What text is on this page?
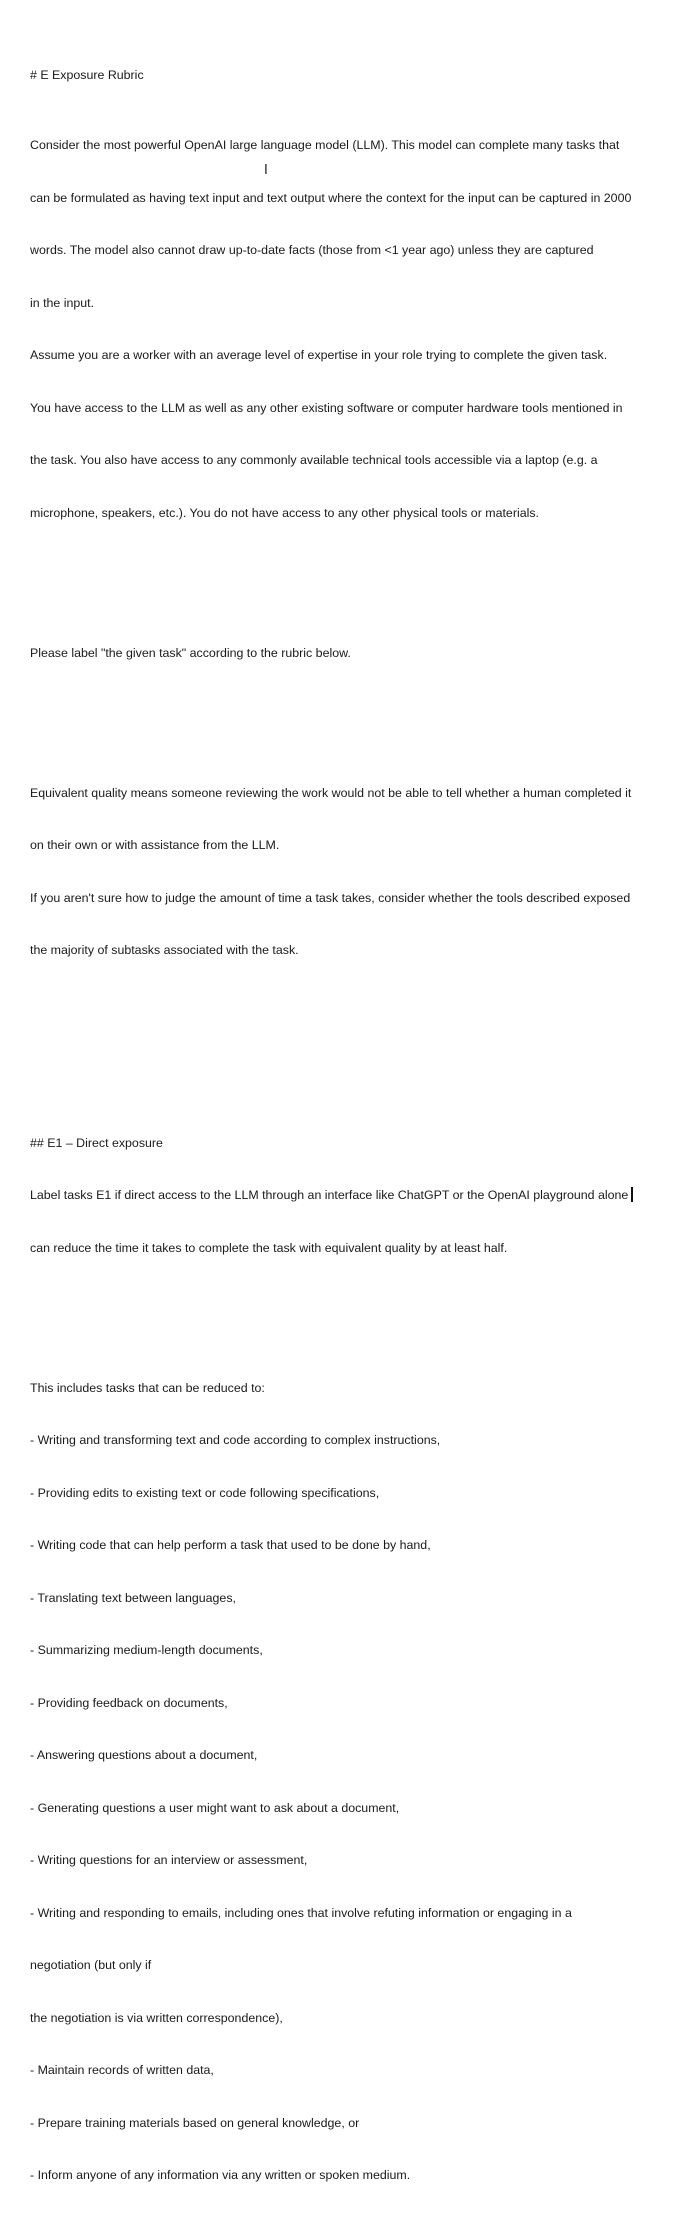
# E Exposure Rubric

Consider the most powerful OpenAI large language model (LLM). This model can complete many tasks that

can be formulated as having text input and text output where the context for the input can be captured in 2000

words. The model also cannot draw up-to-date facts (those from <1 year ago) unless they are captured

in the input.

Assume you are a worker with an average level of expertise in your role trying to complete the given task.

You have access to the LLM as well as any other existing software or computer hardware tools mentioned in

the task. You also have access to any commonly available technical tools accessible via a laptop (e.g. a

microphone, speakers, etc.). You do not have access to any other physical tools or materials.

Please label "the given task" according to the rubric below.

Equivalent quality means someone reviewing the work would not be able to tell whether a human completed it

on their own or with assistance from the LLM.

If you aren't sure how to judge the amount of time a task takes, consider whether the tools described exposed

the majority of subtasks associated with the task.

## E1 – Direct exposure

Label tasks E1 if direct access to the LLM through an interface like ChatGPT or the OpenAI playground alone

can reduce the time it takes to complete the task with equivalent quality by at least half.

This includes tasks that can be reduced to:

- Writing and transforming text and code according to complex instructions,

- Providing edits to existing text or code following specifications,

- Writing code that can help perform a task that used to be done by hand,

- Translating text between languages,

- Summarizing medium-length documents,

- Providing feedback on documents,

- Answering questions about a document,

- Generating questions a user might want to ask about a document,

- Writing questions for an interview or assessment,

- Writing and responding to emails, including ones that involve refuting information or engaging in a

negotiation (but only if

the negotiation is via written correspondence),

- Maintain records of written data,

- Prepare training materials based on general knowledge, or

- Inform anyone of any information via any written or spoken medium.

I
